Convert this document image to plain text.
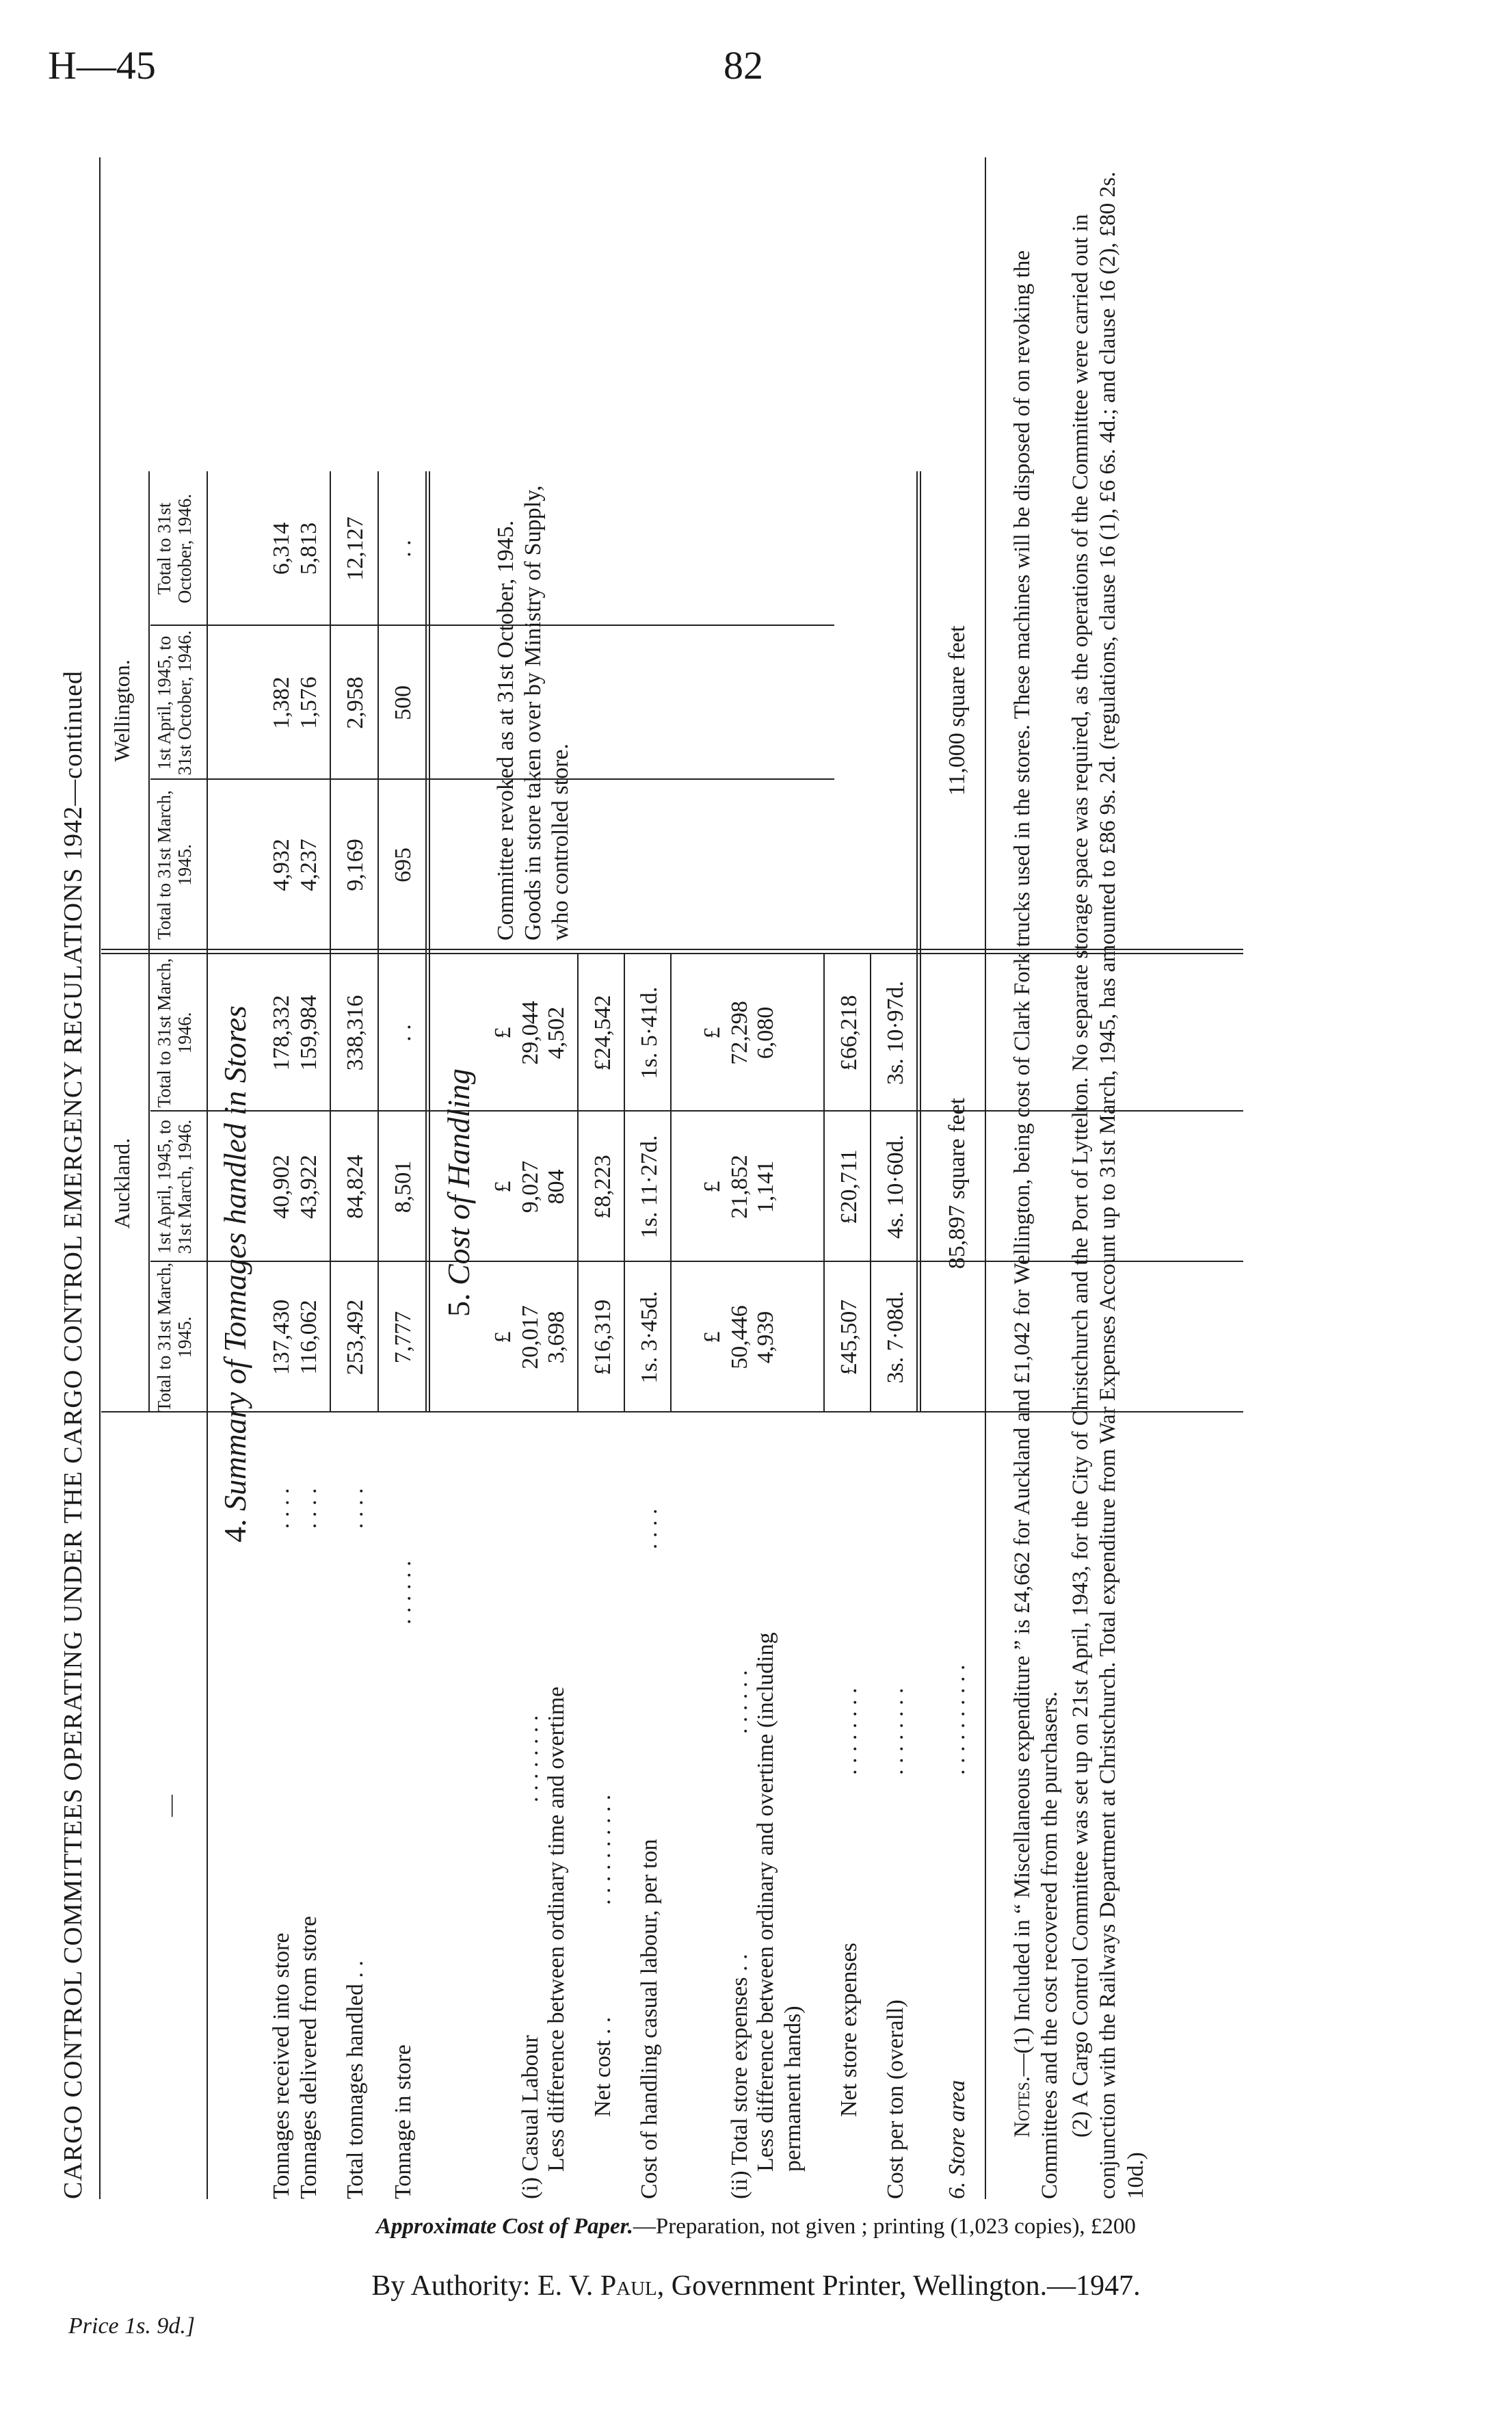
H—45	82
CARGO CONTROL COMMITTEES OPERATING UNDER THE CARGO CONTROL EMERGENCY REGULATIONS 1942—continued	—
Auckland.
Wellington.
Total to 31st March, 1945.
1st April, 1945, to 31st March, 1946.
Total to 31st March, 1946.
Total to 31st March, 1945.
1st April, 1945, to 31st October, 1946.
Total to 31st October, 1946.
4. Summary of Tonnages handled in Stores
Tonnages received into store
. . . .
Tonnages delivered from store
. . . .
137,430
40,902
178,332
4,932
1,382
6,314
116,062
43,922
159,984
4,237
1,576
5,813
Total tonnages handled . .
. . . .
253,492
84,824
338,316
9,169
2,958
12,127
Tonnage in store
. . . . . .
7,777
8,501
. .
695
500
. .
5. Cost of Handling
£
£
£
Committee revoked as at 31st October, 1945. Goods in store taken over by Ministry of Supply, who controlled store.
(i) Casual Labour
. . . . . . . . Less difference between ordinary time and overtime
20,017
9,027
29,044
3,698
804
4,502
Net cost . .
. . . . . . . . . .
£16,319
£8,223
£24,542
Cost of handling casual labour, per ton
. . . .
1s. 3·45d.
1s. 11·27d.
1s. 5·41d.
£
£
£
(ii) Total store expenses . .
. . . . . . Less difference between ordinary and overtime (including permanent hands)
50,446
21,852
72,298
4,939
1,141
6,080
Net store expenses
. . . . . . . .
£45,507
£20,711
£66,218
Cost per ton (overall)
. . . . . . . .
3s. 7·08d.
4s. 10·60d.
3s. 10·97d.
6. Store area
. . . . . . . . . .
85,897 square feet
11,000 square feet
Notes.—(1) Included in “ Miscellaneous expenditure ” is £4,662 for Auckland and £1,042 for Wellington, being cost of Clark Fork trucks used in the stores. These machines will be disposed of on revoking the Committees and the cost recovered from the purchasers. (2) A Cargo Control Committee was set up on 21st April, 1943, for the City of Christchurch and the Port of Lyttelton. No separate storage space was required, as the operations of the Committee were carried out in conjunction with the Railways Department at Christchurch. Total expenditure from War Expenses Account up to 31st March, 1945, has amounted to £86 9s. 2d. (regulations, clause 16 (1), £6 6s. 4d.; and clause 16 (2), £80 2s. 10d.)
Approximate Cost of Paper.—Preparation, not given ; printing (1,023 copies), £200
By Authority: E. V. Paul, Government Printer, Wellington.—1947.
Price 1s. 9d.]
